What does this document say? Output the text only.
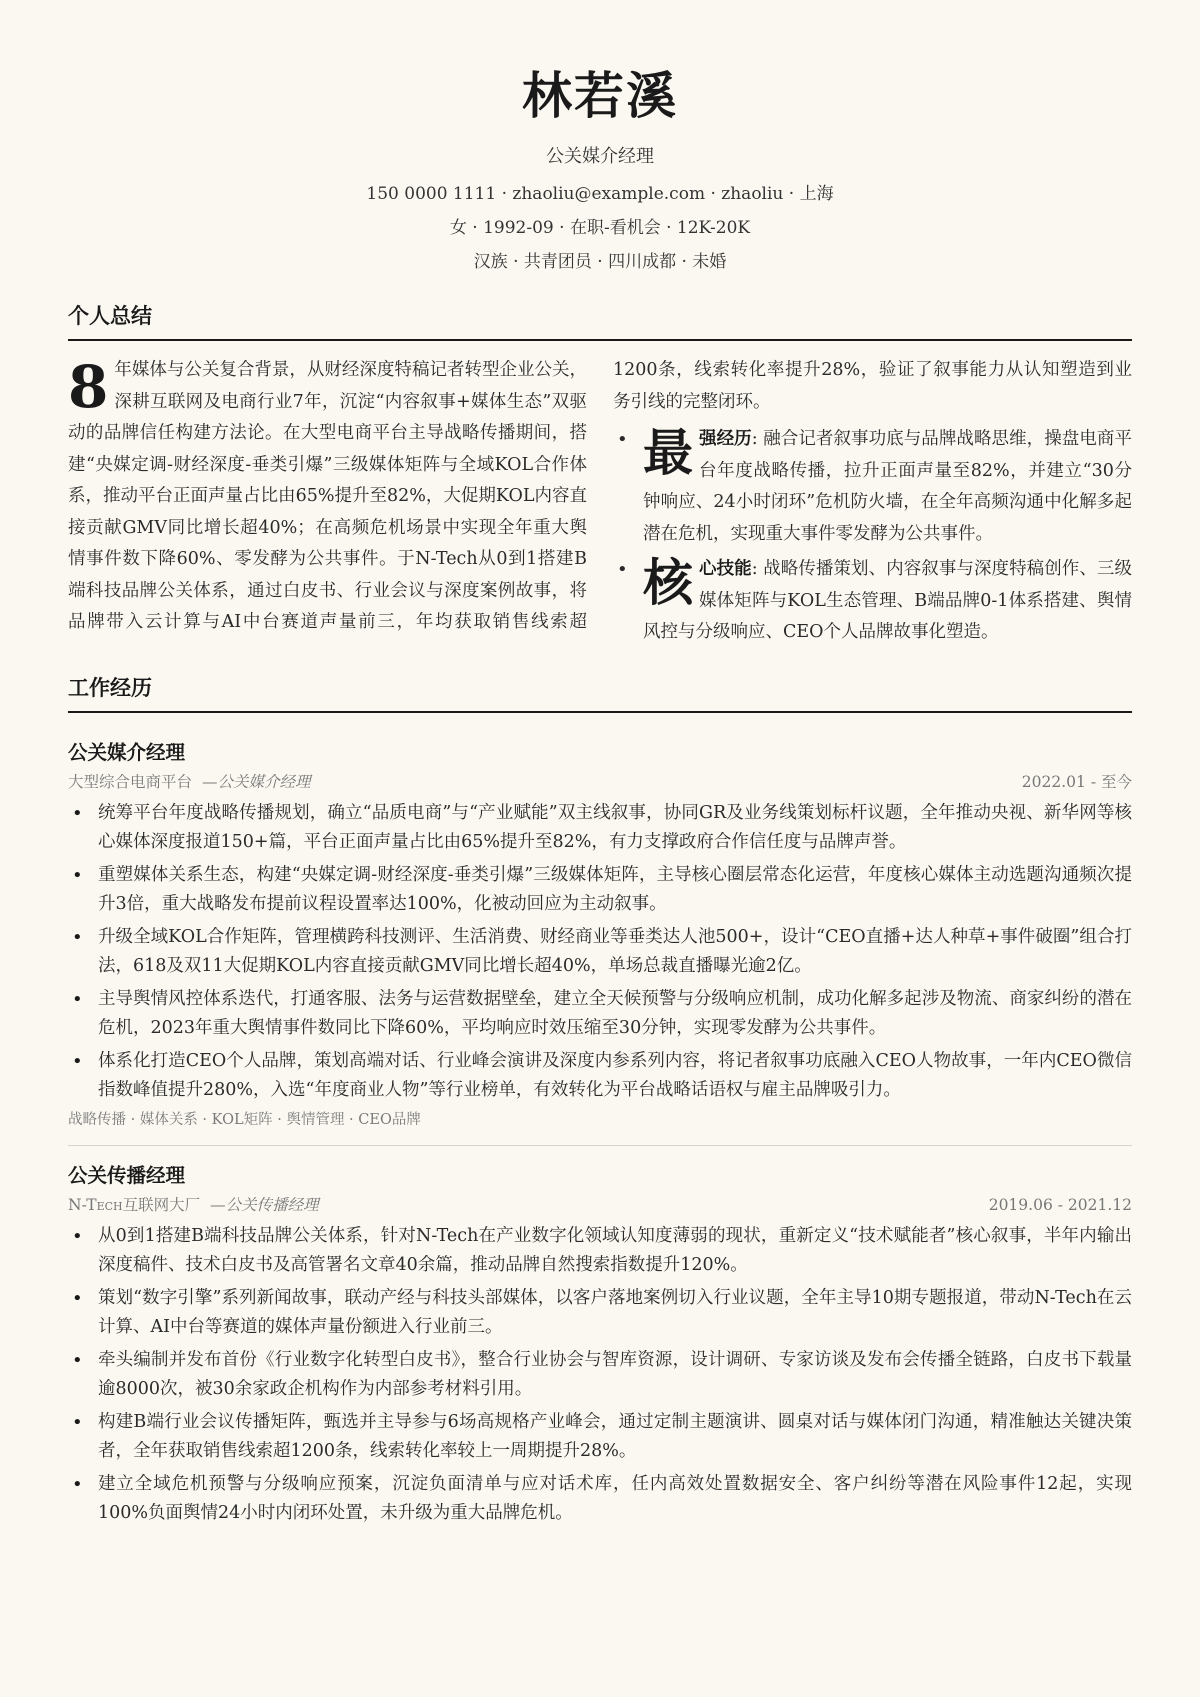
林若溪
公关媒介经理
150 0000 1111 · zhaoliu@example.com · zhaoliu · 上海
女 · 1992-09 · 在职-看机会 · 12K-20K
汉族 · 共青团员 · 四川成都 · 未婚
个人总结

8 年媒体与公关复合背景，从财经深度特稿记者转型企业公关，深耕互联网及电商行业7年，沉淀“内容叙事+媒体生态”双驱动的品牌信任构建方法论。在大型电商平台主导战略传播期间，搭建“央媒定调-财经深度-垂类引爆”三级媒体矩阵与全域KOL合作体系，推动平台正面声量占比由65%提升至82%，大促期KOL内容直接贡献GMV同比增长超40%；在高频危机场景中实现全年重大舆情事件数下降60%、零发酵为公共事件。于N-Tech从0到1搭建B端科技品牌公关体系，通过白皮书、行业会议与深度案例故事，将品牌带入云计算与AI中台赛道声量前三，年均获取销售线索超1200条，线索转化率提升28%，验证了叙事能力从认知塑造到业务引线的完整闭环。

• 最 强经历: 融合记者叙事功底与品牌战略思维，操盘电商平台年度战略传播，拉升正面声量至82%，并建立“30分钟响应、24小时闭环”危机防火墙，在全年高频沟通中化解多起潜在危机，实现重大事件零发酵为公共事件。
• 核 心技能: 战略传播策划、内容叙事与深度特稿创作、三级媒体矩阵与KOL生态管理、B端品牌0-1体系搭建、舆情风控与分级响应、CEO个人品牌故事化塑造。
工作经历
公关媒介经理
大型综合电商平台 —公关媒介经理	2022.01 - 至今
• 统筹平台年度战略传播规划，确立“品质电商”与“产业赋能”双主线叙事，协同GR及业务线策划标杆议题，全年推动央视、新华网等核心媒体深度报道150+篇，平台正面声量占比由65%提升至82%，有力支撑政府合作信任度与品牌声誉。
• 重塑媒体关系生态，构建“央媒定调-财经深度-垂类引爆”三级媒体矩阵，主导核心圈层常态化运营，年度核心媒体主动选题沟通频次提升3倍，重大战略发布提前议程设置率达100%，化被动回应为主动叙事。
• 升级全域KOL合作矩阵，管理横跨科技测评、生活消费、财经商业等垂类达人池500+，设计“CEO直播+达人种草+事件破圈”组合打法，618及双11大促期KOL内容直接贡献GMV同比增长超40%，单场总裁直播曝光逾2亿。
• 主导舆情风控体系迭代，打通客服、法务与运营数据壁垒，建立全天候预警与分级响应机制，成功化解多起涉及物流、商家纠纷的潜在危机，2023年重大舆情事件数同比下降60%，平均响应时效压缩至30分钟，实现零发酵为公共事件。
• 体系化打造CEO个人品牌，策划高端对话、行业峰会演讲及深度内参系列内容，将记者叙事功底融入CEO人物故事，一年内CEO微信指数峰值提升280%，入选“年度商业人物”等行业榜单，有效转化为平台战略话语权与雇主品牌吸引力。
战略传播 · 媒体关系 · KOL矩阵 · 舆情管理 · CEO品牌
公关传播经理
N-Tech互联网大厂 —公关传播经理	2019.06 - 2021.12
• 从0到1搭建B端科技品牌公关体系，针对N-Tech在产业数字化领域认知度薄弱的现状，重新定义“技术赋能者”核心叙事，半年内输出深度稿件、技术白皮书及高管署名文章40余篇，推动品牌自然搜索指数提升120%。
• 策划“数字引擎”系列新闻故事，联动产经与科技头部媒体，以客户落地案例切入行业议题，全年主导10期专题报道，带动N-Tech在云计算、AI中台等赛道的媒体声量份额进入行业前三。
• 牵头编制并发布首份《行业数字化转型白皮书》，整合行业协会与智库资源，设计调研、专家访谈及发布会传播全链路，白皮书下载量逾8000次，被30余家政企机构作为内部参考材料引用。
• 构建B端行业会议传播矩阵，甄选并主导参与6场高规格产业峰会，通过定制主题演讲、圆桌对话与媒体闭门沟通，精准触达关键决策者，全年获取销售线索超1200条，线索转化率较上一周期提升28%。
• 建立全域危机预警与分级响应预案，沉淀负面清单与应对话术库，任内高效处置数据安全、客户纠纷等潜在风险事件12起，实现100%负面舆情24小时内闭环处置，未升级为重大品牌危机。
